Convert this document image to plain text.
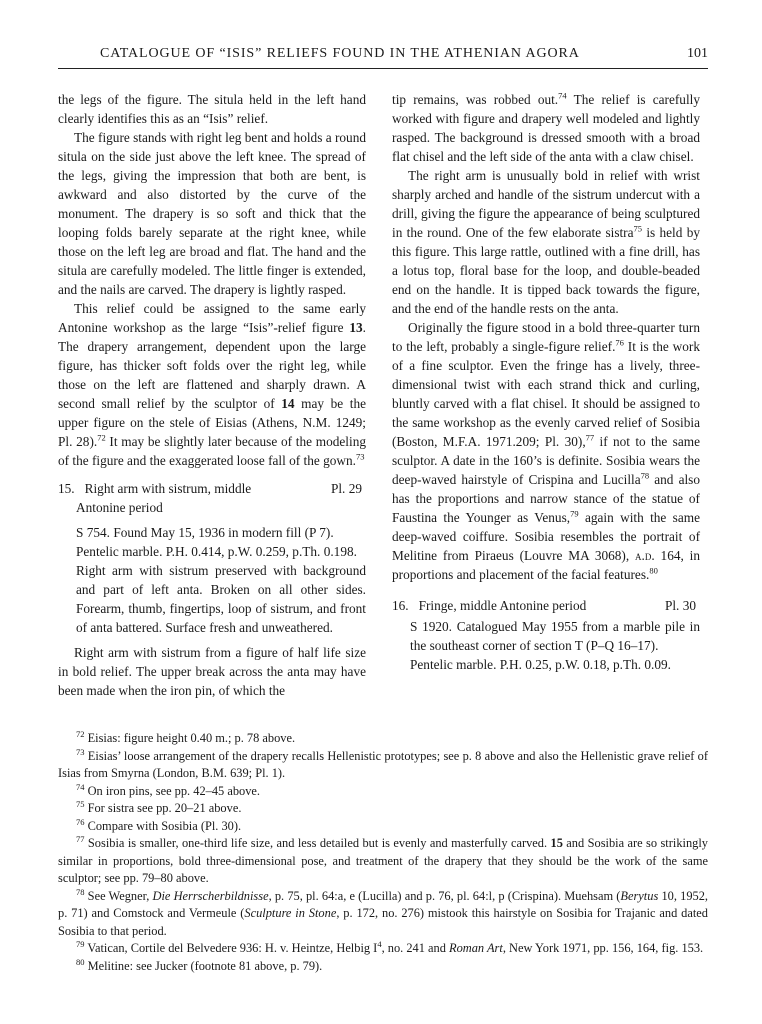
CATALOGUE OF “ISIS” RELIEFS FOUND IN THE ATHENIAN AGORA	101

the legs of the figure. The situla held in the left hand clearly identifies this as an “Isis” relief.

The figure stands with right leg bent and holds a round situla on the side just above the left knee. The spread of the legs, giving the impression that both are bent, is awkward and also distorted by the curve of the monument. The drapery is so soft and thick that the looping folds barely separate at the right knee, while those on the left leg are broad and flat. The hand and the situla are carefully modeled. The little finger is extended, and the nails are carved. The drapery is lightly rasped.

This relief could be assigned to the same early Antonine workshop as the large “Isis”-relief figure 13. The drapery arrangement, dependent upon the large figure, has thicker soft folds over the right leg, while those on the left are flattened and sharply drawn. A second small relief by the sculptor of 14 may be the upper figure on the stele of Eisias (Athens, N.M. 1249; Pl. 28).$^{72}$ It may be slightly later because of the modeling of the figure and the exaggerated loose fall of the gown.$^{73}$

15. Right arm with sistrum, middle	Pl. 29
Antonine period

S 754. Found May 15, 1936 in modern fill (P 7).

Pentelic marble. P.H. 0.414, p.W. 0.259, p.Th. 0.198.

Right arm with sistrum preserved with background and part of left anta. Broken on all other sides. Forearm, thumb, fingertips, loop of sistrum, and front of anta battered. Surface fresh and unweathered.

Right arm with sistrum from a figure of half life size in bold relief. The upper break across the anta may have been made when the iron pin, of which the

tip remains, was robbed out.$^{74}$ The relief is carefully worked with figure and drapery well modeled and lightly rasped. The background is dressed smooth with a broad flat chisel and the left side of the anta with a claw chisel.

The right arm is unusually bold in relief with wrist sharply arched and handle of the sistrum undercut with a drill, giving the figure the appearance of being sculptured in the round. One of the few elaborate sistra$^{75}$ is held by this figure. This large rattle, outlined with a fine drill, has a lotus top, floral base for the loop, and double-beaded end on the handle. It is tipped back towards the figure, and the end of the handle rests on the anta.

Originally the figure stood in a bold three-quarter turn to the left, probably a single-figure relief.$^{76}$ It is the work of a fine sculptor. Even the fringe has a lively, three-dimensional twist with each strand thick and curling, bluntly carved with a flat chisel. It should be assigned to the same workshop as the evenly carved relief of Sosibia (Boston, M.F.A. 1971.209; Pl. 30),$^{77}$ if not to the same sculptor. A date in the 160’s is definite. Sosibia wears the deep-waved hairstyle of Crispina and Lucilla$^{78}$ and also has the proportions and narrow stance of the statue of Faustina the Younger as Venus,$^{79}$ again with the same deep-waved coiffure. Sosibia resembles the portrait of Melitine from Piraeus (Louvre MA 3068), a.d. 164, in proportions and placement of the facial features.$^{80}$

16. Fringe, middle Antonine period	Pl. 30

S 1920. Catalogued May 1955 from a marble pile in the southeast corner of section T (P–Q 16–17).

Pentelic marble. P.H. 0.25, p.W. 0.18, p.Th. 0.09.

$^{72}$ Eisias: figure height 0.40 m.; p. 78 above.

$^{73}$ Eisias’ loose arrangement of the drapery recalls Hellenistic prototypes; see p. 8 above and also the Hellenistic grave relief of Isias from Smyrna (London, B.M. 639; Pl. 1).

$^{74}$ On iron pins, see pp. 42–45 above.

$^{75}$ For sistra see pp. 20–21 above.

$^{76}$ Compare with Sosibia (Pl. 30).

$^{77}$ Sosibia is smaller, one-third life size, and less detailed but is evenly and masterfully carved. 15 and Sosibia are so strikingly similar in proportions, bold three-dimensional pose, and treatment of the drapery that they should be the work of the same sculptor; see pp. 79–80 above.

$^{78}$ See Wegner, Die Herrscherbildnisse, p. 75, pl. 64:a, e (Lucilla) and p. 76, pl. 64:l, p (Crispina). Muehsam (Berytus 10, 1952, p. 71) and Comstock and Vermeule (Sculpture in Stone, p. 172, no. 276) mistook this hairstyle on Sosibia for Trajanic and dated Sosibia to that period.

$^{79}$ Vatican, Cortile del Belvedere 936: H. v. Heintze, Helbig $I^4$, no. 241 and Roman Art, New York 1971, pp. 156, 164, fig. 153.

$^{80}$ Melitine: see Jucker (footnote 81 above, p. 79).
